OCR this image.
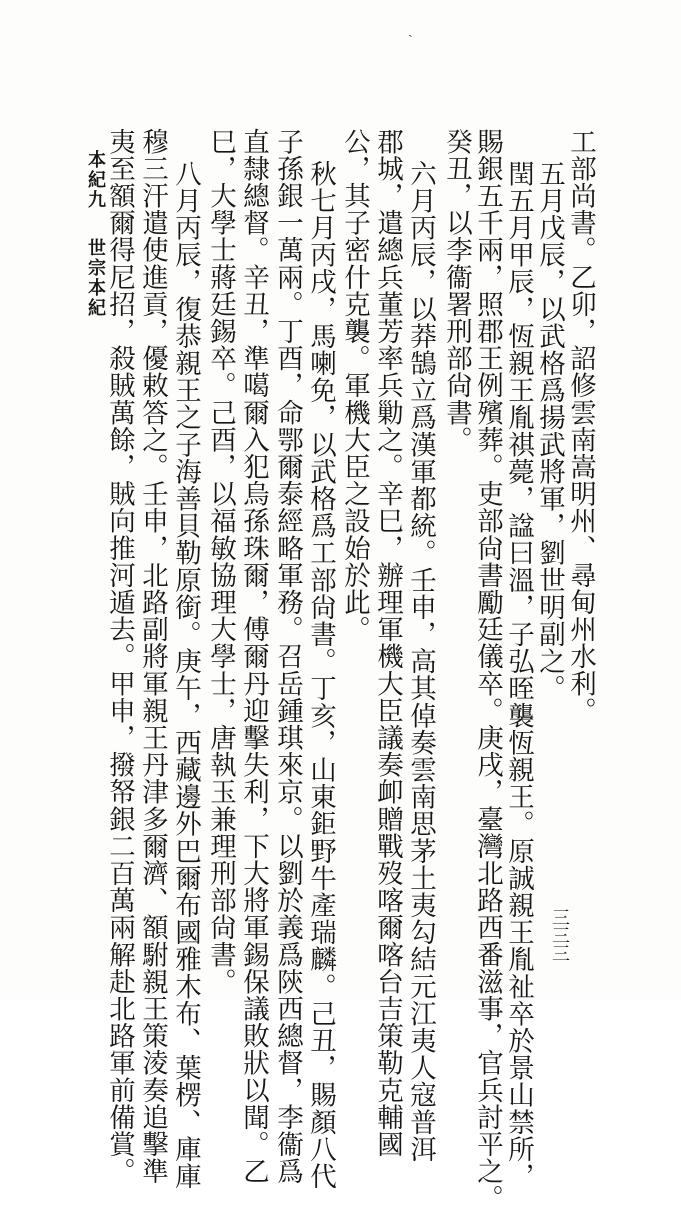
ˏ
工部尚書。乙卯，詔修雲南嵩明州、尋甸州水利。
五月戊辰，以武格爲揚武將軍，劉世明副之。
閏五月甲辰，恆親王胤祺薨，諡曰溫，子弘晊襲恆親王。原誠親王胤祉卒於景山禁所，
賜銀五千兩，照郡王例殯葬。吏部尙書勵廷儀卒。庚戌，臺灣北路西番滋事，官兵討平之。
癸丑，以李衞署刑部尙書。
六月丙辰，以莽鵠立爲漢軍都統。壬申，高其倬奏雲南思茅土夷勾結元江夷人寇普洱
郡城，遣總兵董芳率兵勦之。辛巳，辦理軍機大臣議奏卹贈戰歿喀爾喀台吉策勒克輔國
公，其子密什克襲。軍機大臣之設始於此。
秋七月丙戌，馬喇免，以武格爲工部尙書。丁亥，山東鉅野牛產瑞麟。己丑，賜顏八代
子孫銀一萬兩。丁酉，命鄂爾泰經略軍務。召岳鍾琪來京。以劉於義爲陝西總督，李衞爲
直隸總督。辛丑，準噶爾入犯烏孫珠爾，傅爾丹迎擊失利，下大將軍錫保議敗狀以聞。乙
巳，大學士蔣廷錫卒。己酉，以福敏協理大學士，唐執玉兼理刑部尙書。
八月丙辰，復恭親王之子海善貝勒原銜。庚午，西藏邊外巴爾布國雅木布、葉楞、庫庫
穆三汗遣使進貢，優敕答之。壬申，北路副將軍親王丹津多爾濟、額駙親王策淩奏追擊準
夷至額爾得尼招，殺賊萬餘，賊向推河遁去。甲申，撥帑銀二百萬兩解赴北路軍前備賞。
本紀九
世宗本紀
三三三
